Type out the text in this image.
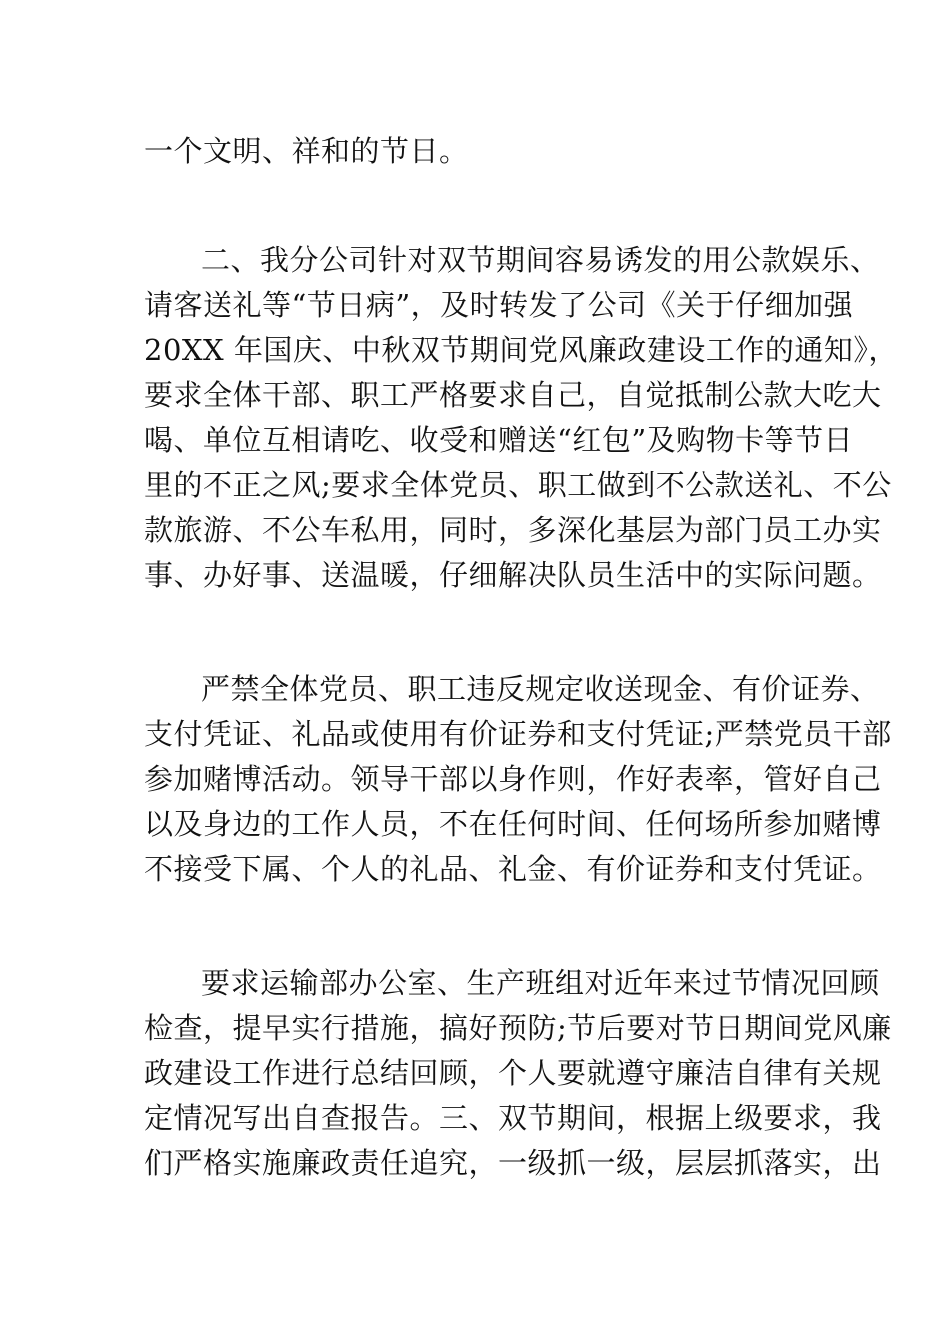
一个文明、祥和的节日。
二、我分公司针对双节期间容易诱发的用公款娱乐、
请客送礼等“节日病”，及时转发了公司《关于仔细加强
20XX 年国庆、中秋双节期间党风廉政建设工作的通知》，
要求全体干部、职工严格要求自己，自觉抵制公款大吃大
喝、单位互相请吃、收受和赠送“红包”及购物卡等节日
里的不正之风;要求全体党员、职工做到不公款送礼、不公
款旅游、不公车私用，同时，多深化基层为部门员工办实
事、办好事、送温暖，仔细解决队员生活中的实际问题。
严禁全体党员、职工违反规定收送现金、有价证券、
支付凭证、礼品或使用有价证券和支付凭证;严禁党员干部
参加赌博活动。领导干部以身作则，作好表率，管好自己
以及身边的工作人员，不在任何时间、任何场所参加赌博
不接受下属、个人的礼品、礼金、有价证券和支付凭证。
要求运输部办公室、生产班组对近年来过节情况回顾
检查，提早实行措施，搞好预防;节后要对节日期间党风廉
政建设工作进行总结回顾，个人要就遵守廉洁自律有关规
定情况写出自查报告。三、双节期间，根据上级要求，我
们严格实施廉政责任追究，一级抓一级，层层抓落实，出
